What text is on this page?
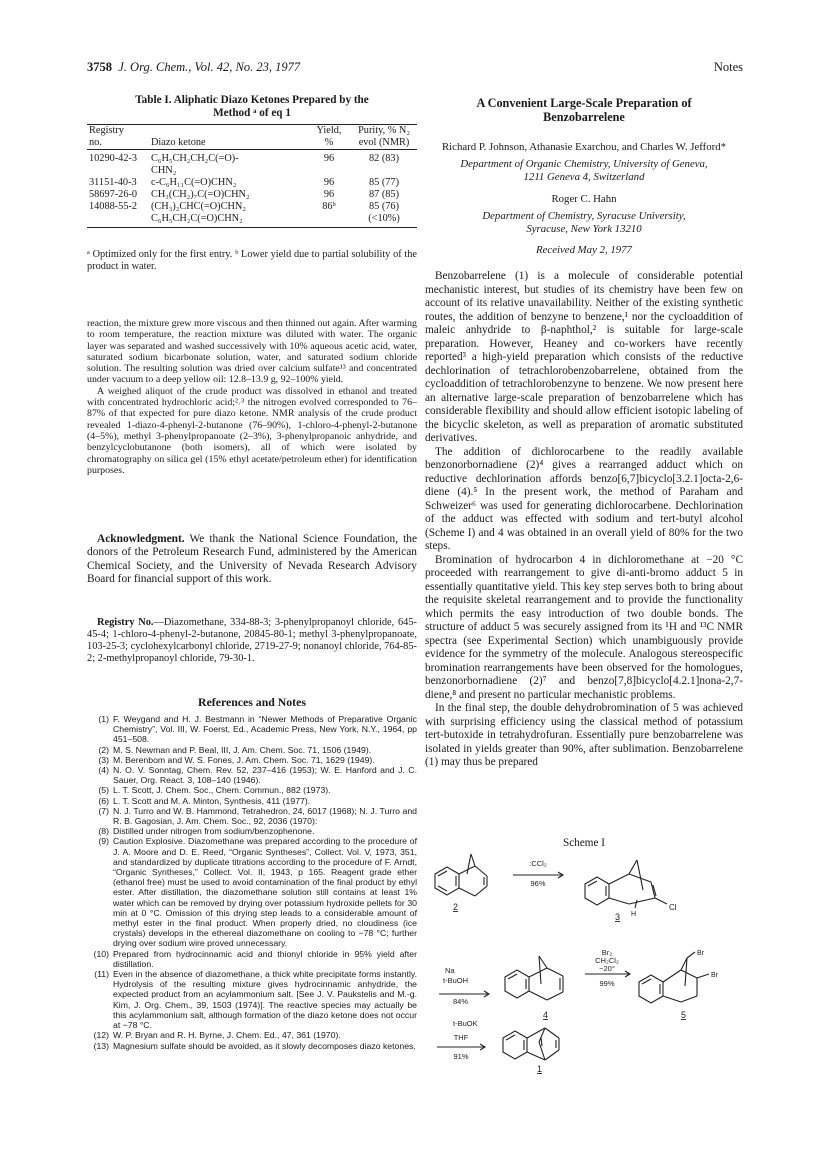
3758 J. Org. Chem., Vol. 42, No. 23, 1977	Notes
Table I. Aliphatic Diazo Ketones Prepared by the
Method ᵃ of eq 1
Registry		Yield,	Purity, % N₂
no.	Diazo ketone	%	evol (NMR)
10290-42-3	C₆H₅CH₂CH₂C(=O)-	96	82 (83)
	CHN₂		
31151-40-3	c-C₆H₁₁C(=O)CHN₂	96	85 (77)
58697-26-0	CH₃(CH₂)₇C(=O)CHN₂	96	87 (85)
14088-55-2	(CH₃)₂CHC(=O)CHN₂	86ᵇ	85 (76)
	C₆H₅CH₂C(=O)CHN₂		(<10%)
ᵃ Optimized only for the first entry. ᵇ Lower yield due to partial solubility of the product in water.

reaction, the mixture grew more viscous and then thinned out again. After warming to room temperature, the reaction mixture was diluted with water. The organic layer was separated and washed successively with 10% aqueous acetic acid, water, saturated sodium bicarbonate solution, water, and saturated sodium chloride solution. The resulting solution was dried over calcium sulfate¹³ and concentrated under vacuum to a deep yellow oil: 12.8–13.9 g, 92–100% yield.

A weighed aliquot of the crude product was dissolved in ethanol and treated with concentrated hydrochloric acid;²˒³ the nitrogen evolved corresponded to 76–87% of that expected for pure diazo ketone. NMR analysis of the crude product revealed 1-diazo-4-phenyl-2-butanone (76–90%), 1-chloro-4-phenyl-2-butanone (4–5%), methyl 3-phenylpropanoate (2–3%), 3-phenylpropanoic anhydride, and benzylcyclobutanone (both isomers), all of which were isolated by chromatography on silica gel (15% ethyl acetate/petroleum ether) for identification purposes.

Acknowledgment. We thank the National Science Foundation, the donors of the Petroleum Research Fund, administered by the American Chemical Society, and the University of Nevada Research Advisory Board for financial support of this work.

Registry No.—Diazomethane, 334-88-3; 3-phenylpropanoyl chloride, 645-45-4; 1-chloro-4-phenyl-2-butanone, 20845-80-1; methyl 3-phenylpropanoate, 103-25-3; cyclohexylcarbonyl chloride, 2719-27-9; nonanoyl chloride, 764-85-2; 2-methylpropanoyl chloride, 79-30-1.

References and Notes
(1) F. Weygand and H. J. Bestmann in “Newer Methods of Preparative Organic Chemistry”, Vol. III, W. Foerst, Ed., Academic Press, New York, N.Y., 1964, pp 451–508.
(2) M. S. Newman and P. Beal, III, J. Am. Chem. Soc. 71, 1506 (1949).
(3) M. Berenbom and W. S. Fones, J. Am. Chem. Soc. 71, 1629 (1949).
(4) N. O. V. Sonntag, Chem. Rev. 52, 237–416 (1953); W. E. Hanford and J. C. Sauer, Org. React. 3, 108–140 (1946).
(5) L. T. Scott, J. Chem. Soc., Chem. Commun., 882 (1973).
(6) L. T. Scott and M. A. Minton, Synthesis, 411 (1977).
(7) N. J. Turro and W. B. Hammond, Tetrahedron, 24, 6017 (1968); N. J. Turro and R. B. Gagosian, J. Am. Chem. Soc., 92, 2036 (1970):
(8) Distilled under nitrogen from sodium/benzophenone.
(9) Caution Explosive. Diazomethane was prepared according to the procedure of J. A. Moore and D. E. Reed, “Organic Syntheses”, Collect. Vol. V, 1973, 351, and standardized by duplicate titrations according to the procedure of F. Arndt, “Organic Syntheses,” Collect. Vol. II, 1943, p 165. Reagent grade ether (ethanol free) must be used to avoid contamination of the final product by ethyl ester. After distillation, the diazomethane solution still contains at least 1% water which can be removed by drying over potassium hydroxide pellets for 30 min at 0 °C. Omission of this drying step leads to a considerable amount of methyl ester in the final product. When properly dried, no cloudiness (ice crystals) develops in the ethereal diazomethane on cooling to −78 °C; further drying over sodium wire proved unnecessary.
(10) Prepared from hydrocinnamic acid and thionyl chloride in 95% yield after distillation.
(11) Even in the absence of diazomethane, a thick white precipitate forms instantly. Hydrolysis of the resulting mixture gives hydrocinnamic anhydride, the expected product from an acylammonium salt. [See J. V. Paukstelis and M.-g. Kim, J. Org. Chem., 39, 1503 (1974)]. The reactive species may actually be this acylammonium salt, although formation of the diazo ketone does not occur at −78 °C.
(12) W. P. Bryan and R. H. Byrne, J. Chem. Ed., 47, 361 (1970).
(13) Magnesium sulfate should be avoided, as it slowly decomposes diazo ketones.
A Convenient Large-Scale Preparation of
Benzobarrelene
Richard P. Johnson, Athanasie Exarchou, and Charles W. Jefford*
Department of Organic Chemistry, University of Geneva,
1211 Geneva 4, Switzerland
Roger C. Hahn
Department of Chemistry, Syracuse University,
Syracuse, New York 13210
Received May 2, 1977

Benzobarrelene (1) is a molecule of considerable potential mechanistic interest, but studies of its chemistry have been few on account of its relative unavailability. Neither of the existing synthetic routes, the addition of benzyne to benzene,¹ nor the cycloaddition of maleic anhydride to β-naphthol,² is suitable for large-scale preparation. However, Heaney and co-workers have recently reported³ a high-yield preparation which consists of the reductive dechlorination of tetrachlorobenzobarrelene, obtained from the cycloaddition of tetrachlorobenzyne to benzene. We now present here an alternative large-scale preparation of benzobarrelene which has considerable flexibility and should allow efficient isotopic labeling of the bicyclic skeleton, as well as preparation of aromatic substituted derivatives.

The addition of dichlorocarbene to the readily available benzonorbornadiene (2)⁴ gives a rearranged adduct which on reductive dechlorination affords benzo[6,7]bicyclo[3.2.1]octa-2,6-diene (4).⁵ In the present work, the method of Paraham and Schweizer⁶ was used for generating dichlorocarbene. Dechlorination of the adduct was effected with sodium and tert-butyl alcohol (Scheme I) and 4 was obtained in an overall yield of 80% for the two steps.

Bromination of hydrocarbon 4 in dichloromethane at −20 °C proceeded with rearrangement to give di-anti-bromo adduct 5 in essentially quantitative yield. This key step serves both to bring about the requisite skeletal rearrangement and to provide the functionality which permits the easy introduction of two double bonds. The structure of adduct 5 was securely assigned from its ¹H and ¹³C NMR spectra (see Experimental Section) which unambiguously provide evidence for the symmetry of the molecule. Analogous stereospecific bromination rearrangements have been observed for the homologues, benzonorbornadiene (2)⁷ and benzo[7,8]bicyclo[4.2.1]nona-2,7-diene,⁸ and present no particular mechanistic problems.

In the final step, the double dehydrobromination of 5 was achieved with surprising efficiency using the classical method of potassium tert-butoxide in tetrahydrofuran. Essentially pure benzobarrelene was isolated in yields greater than 90%, after sublimation. Benzobarrelene (1) may thus be prepared

Scheme I
:CCl₂
96%
2
3
Cl
H
Na
t-BuOH
84%
4
Br₂
CH₂Cl₂
−20°
99%
5
Br
Br
t-BuOK
THF
91%
1
